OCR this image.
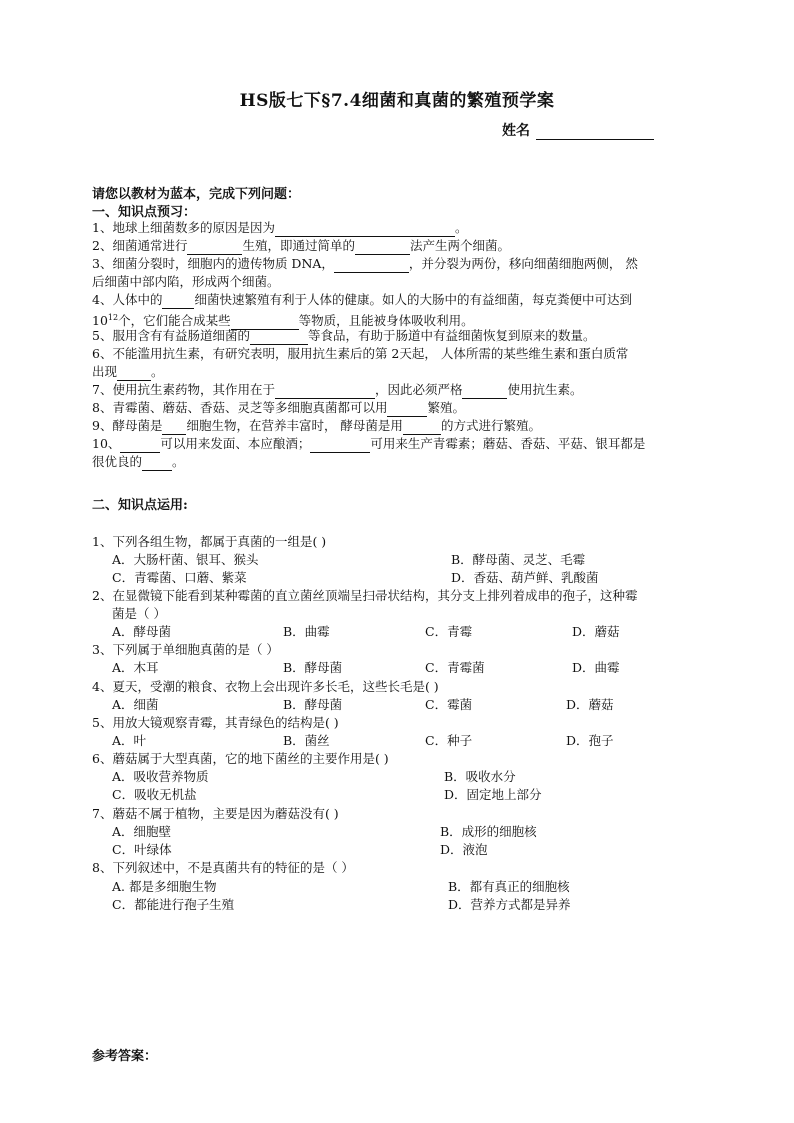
HS版七下§7.4细菌和真菌的繁殖预学案
姓名
请您以教材为蓝本，完成下列问题：
一、知识点预习：
1、地球上细菌数多的原因是因为	。
2、细菌通常进行	生殖，即通过简单的	法产生两个细菌。
3、细菌分裂时，细胞内的遗传物质 DNA，	，并分裂为两份，移向细菌细胞两侧， 然
后细菌中部内陷，形成两个细菌。
4、人体中的	细菌快速繁殖有利于人体的健康。如人的大肠中的有益细菌，每克粪便中可达到
$10^{12}$个，它们能合成某些	等物质，且能被身体吸收利用。
5、服用含有有益肠道细菌的	等食品，有助于肠道中有益细菌恢复到原来的数量。
6、不能滥用抗生素，有研究表明，服用抗生素后的第 2天起， 人体所需的某些维生素和蛋白质常
出现	。
7、使用抗生素药物，其作用在于	，因此必须严格	使用抗生素。
8、青霉菌、蘑菇、香菇、灵芝等多细胞真菌都可以用	繁殖。
9、酵母菌是 细胞生物，在营养丰富时， 酵母菌是用	的方式进行繁殖。
10、	可以用来发面、本应酿酒；	可用来生产青霉素；蘑菇、香菇、平菇、银耳都是
很优良的 。
二、知识点运用:
1、下列各组生物，都属于真菌的一组是( )
A．大肠杆菌、银耳、猴头	B．酵母菌、灵芝、毛霉
C．青霉菌、口蘑、紫菜	D．香菇、葫芦鲜、乳酸菌
2、在显微镜下能看到某种霉菌的直立菌丝顶端呈扫帚状结构，其分支上排列着成串的孢子，这种霉
菌是（ ）
A．酵母菌	B．曲霉	C．青霉	D．蘑菇
3、下列属于单细胞真菌的是（ ）
A．木耳	B．酵母菌	C．青霉菌	D．曲霉
4、夏天，受潮的粮食、衣物上会出现许多长毛，这些长毛是( )
A．细菌	B．酵母菌	C．霉菌	D．蘑菇
5、用放大镜观察青霉，其青绿色的结构是( )
A．叶	B．菌丝	C．种子	D．孢子
6、蘑菇属于大型真菌，它的地下菌丝的主要作用是( )
A．吸收营养物质	B．吸收水分
C．吸收无机盐	D．固定地上部分
7、蘑菇不属于植物，主要是因为蘑菇没有( )
A．细胞壁	B．成形的细胞核
C．叶绿体	D．液泡
8、下列叙述中，不是真菌共有的特征的是（ ）
A. 都是多细胞生物	B．都有真正的细胞核
C．都能进行孢子生殖	D．营养方式都是异养
参考答案：
